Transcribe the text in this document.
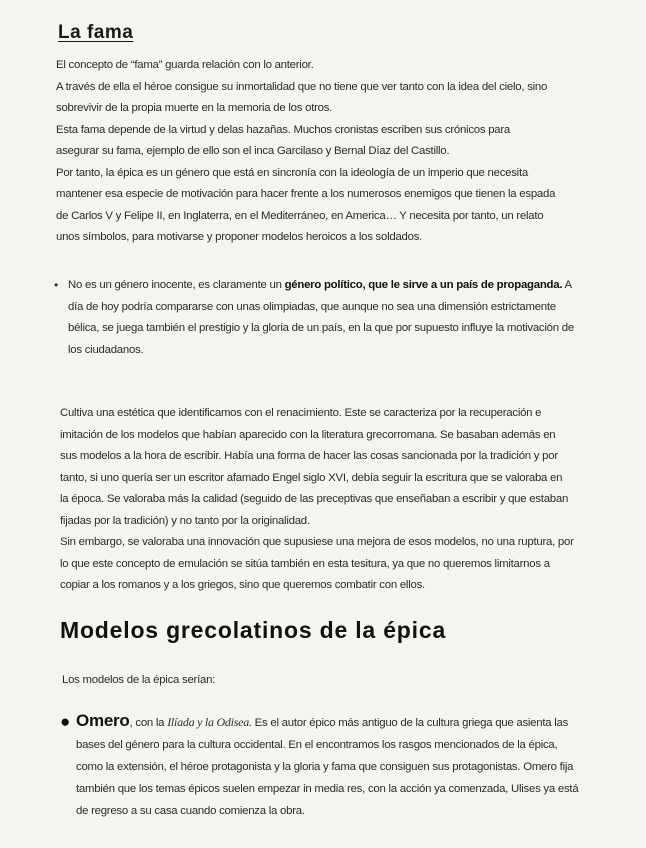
La fama

El concepto de “fama” guarda relación con lo anterior.

A través de ella el héroe consigue su inmortalidad que no tiene que ver tanto con la idea del cielo, sino

sobrevivir de la propia muerte en la memoria de los otros.

Esta fama depende de la virtud y delas hazañas. Muchos cronistas escriben sus crónicos para

asegurar su fama, ejemplo de ello son el inca Garcilaso y Bernal Díaz del Castillo.

Por tanto, la épica es un género que está en sincronía con la ideología de un imperio que necesita

mantener esa especie de motivación para hacer frente a los numerosos enemigos que tienen la espada

de Carlos V y Felipe II, en Inglaterra, en el Mediterráneo, en America… Y necesita por tanto, un relato

unos símbolos, para motivarse y proponer modelos heroicos a los soldados.

• No es un género inocente, es claramente un género político, que le sirve a un país de propaganda. A día de hoy podría compararse con unas olimpiadas, que aunque no sea una dimensión estrictamente bélica, se juega también el prestigio y la gloria de un país, en la que por supuesto influye la motivación de los ciudadanos.

Cultiva una estética que identificamos con el renacimiento. Este se caracteriza por la recuperación e

imitación de los modelos que habían aparecido con la literatura grecorromana. Se basaban además en

sus modelos a la hora de escribir. Había una forma de hacer las cosas sancionada por la tradición y por

tanto, si uno quería ser un escritor afamado Engel siglo XVI, debía seguir la escritura que se valoraba en

la época. Se valoraba más la calidad (seguido de las preceptivas que enseñaban a escribir y que estaban

fijadas por la tradición) y no tanto por la originalidad.

Sin embargo, se valoraba una innovación que supusiese una mejora de esos modelos, no una ruptura, por

lo que este concepto de emulación se sitúa también en esta tesitura, ya que no queremos limitarnos a

copiar a los romanos y a los griegos, sino que queremos combatir con ellos.

Modelos grecolatinos de la épica
Los modelos de la épica serían:
● Omero, con la Ilíada y la Odisea. Es el autor épico más antiguo de la cultura griega que asienta las bases del género para la cultura occidental. En el encontramos los rasgos mencionados de la épica, como la extensión, el héroe protagonista y la gloria y fama que consiguen sus protagonistas. Omero fija también que los temas épicos suelen empezar in media res, con la acción ya comenzada, Ulises ya está de regreso a su casa cuando comienza la obra.
